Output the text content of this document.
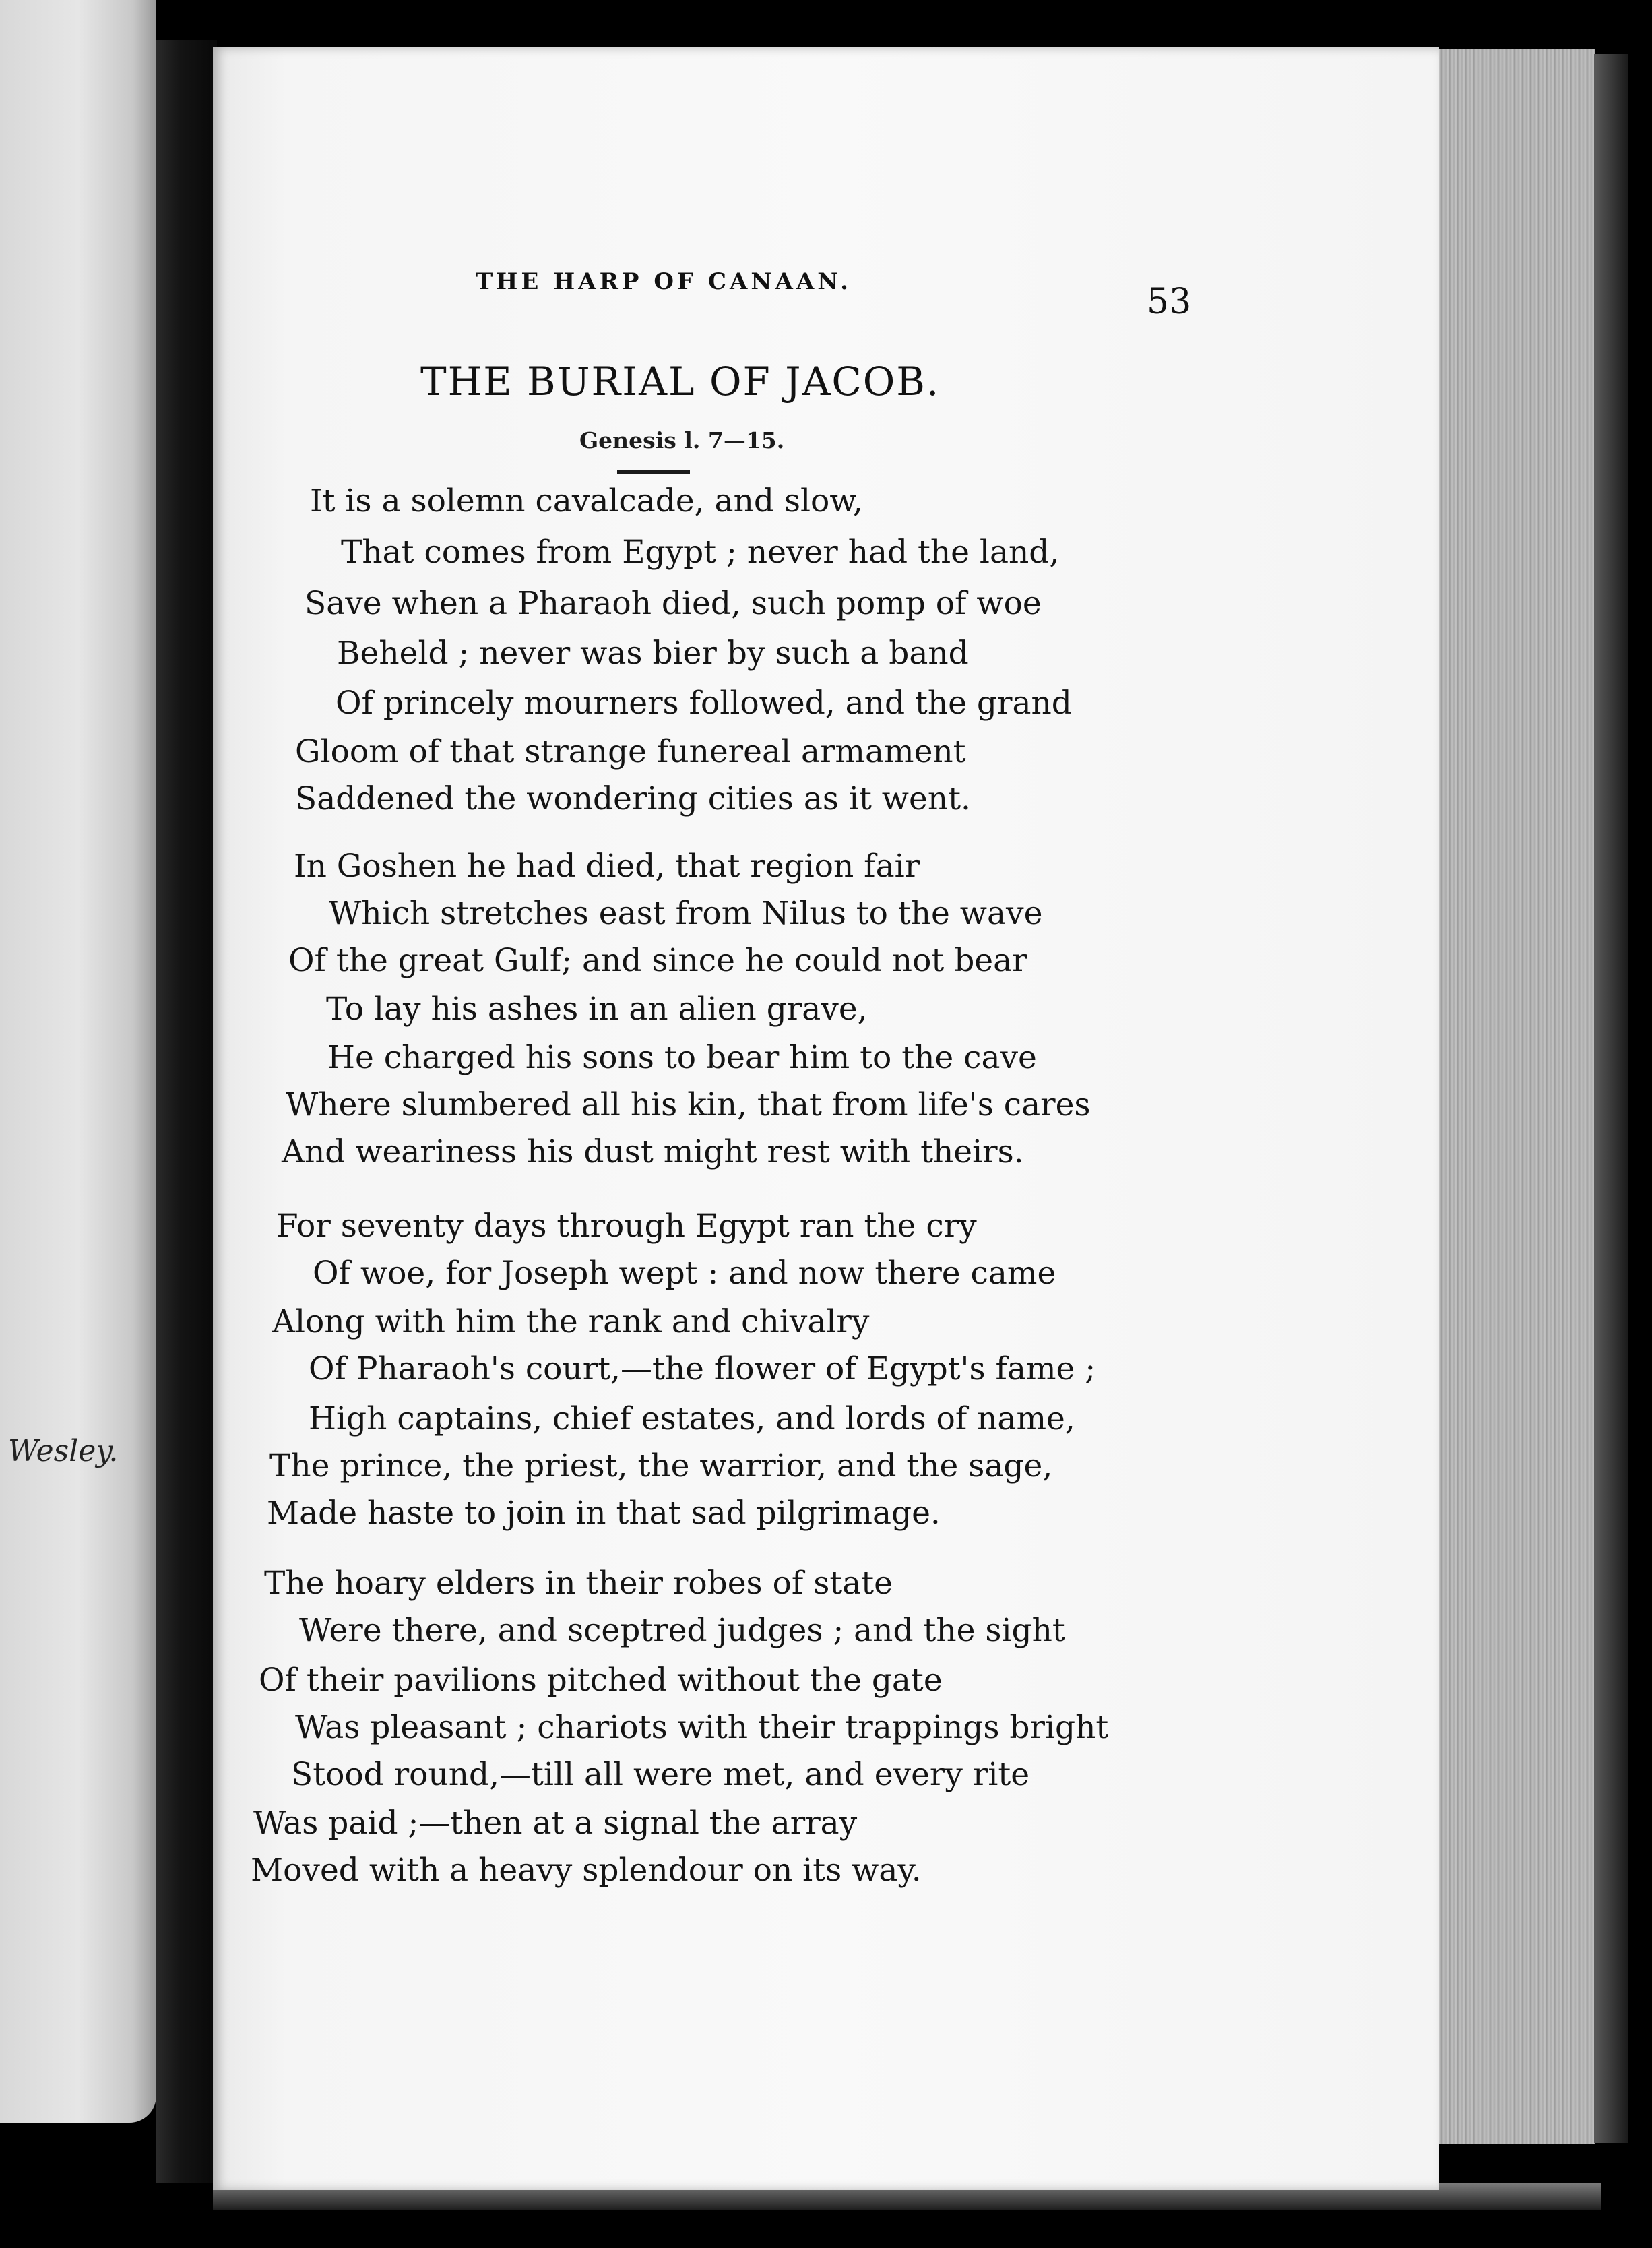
Wesley.
THE HARP OF CANAAN.	53
THE BURIAL OF JACOB.
Genesis l. 7—15.
It is a solemn cavalcade, and slow,
That comes from Egypt ; never had the land,
Save when a Pharaoh died, such pomp of woe
Beheld ; never was bier by such a band
Of princely mourners followed, and the grand
Gloom of that strange funereal armament
Saddened the wondering cities as it went.
In Goshen he had died, that region fair
Which stretches east from Nilus to the wave
Of the great Gulf; and since he could not bear
To lay his ashes in an alien grave,
He charged his sons to bear him to the cave
Where slumbered all his kin, that from life's cares
And weariness his dust might rest with theirs.
For seventy days through Egypt ran the cry
Of woe, for Joseph wept : and now there came
Along with him the rank and chivalry
Of Pharaoh's court,—the flower of Egypt's fame ;
High captains, chief estates, and lords of name,
The prince, the priest, the warrior, and the sage,
Made haste to join in that sad pilgrimage.
The hoary elders in their robes of state
Were there, and sceptred judges ; and the sight
Of their pavilions pitched without the gate
Was pleasant ; chariots with their trappings bright
Stood round,—till all were met, and every rite
Was paid ;—then at a signal the array
Moved with a heavy splendour on its way.
